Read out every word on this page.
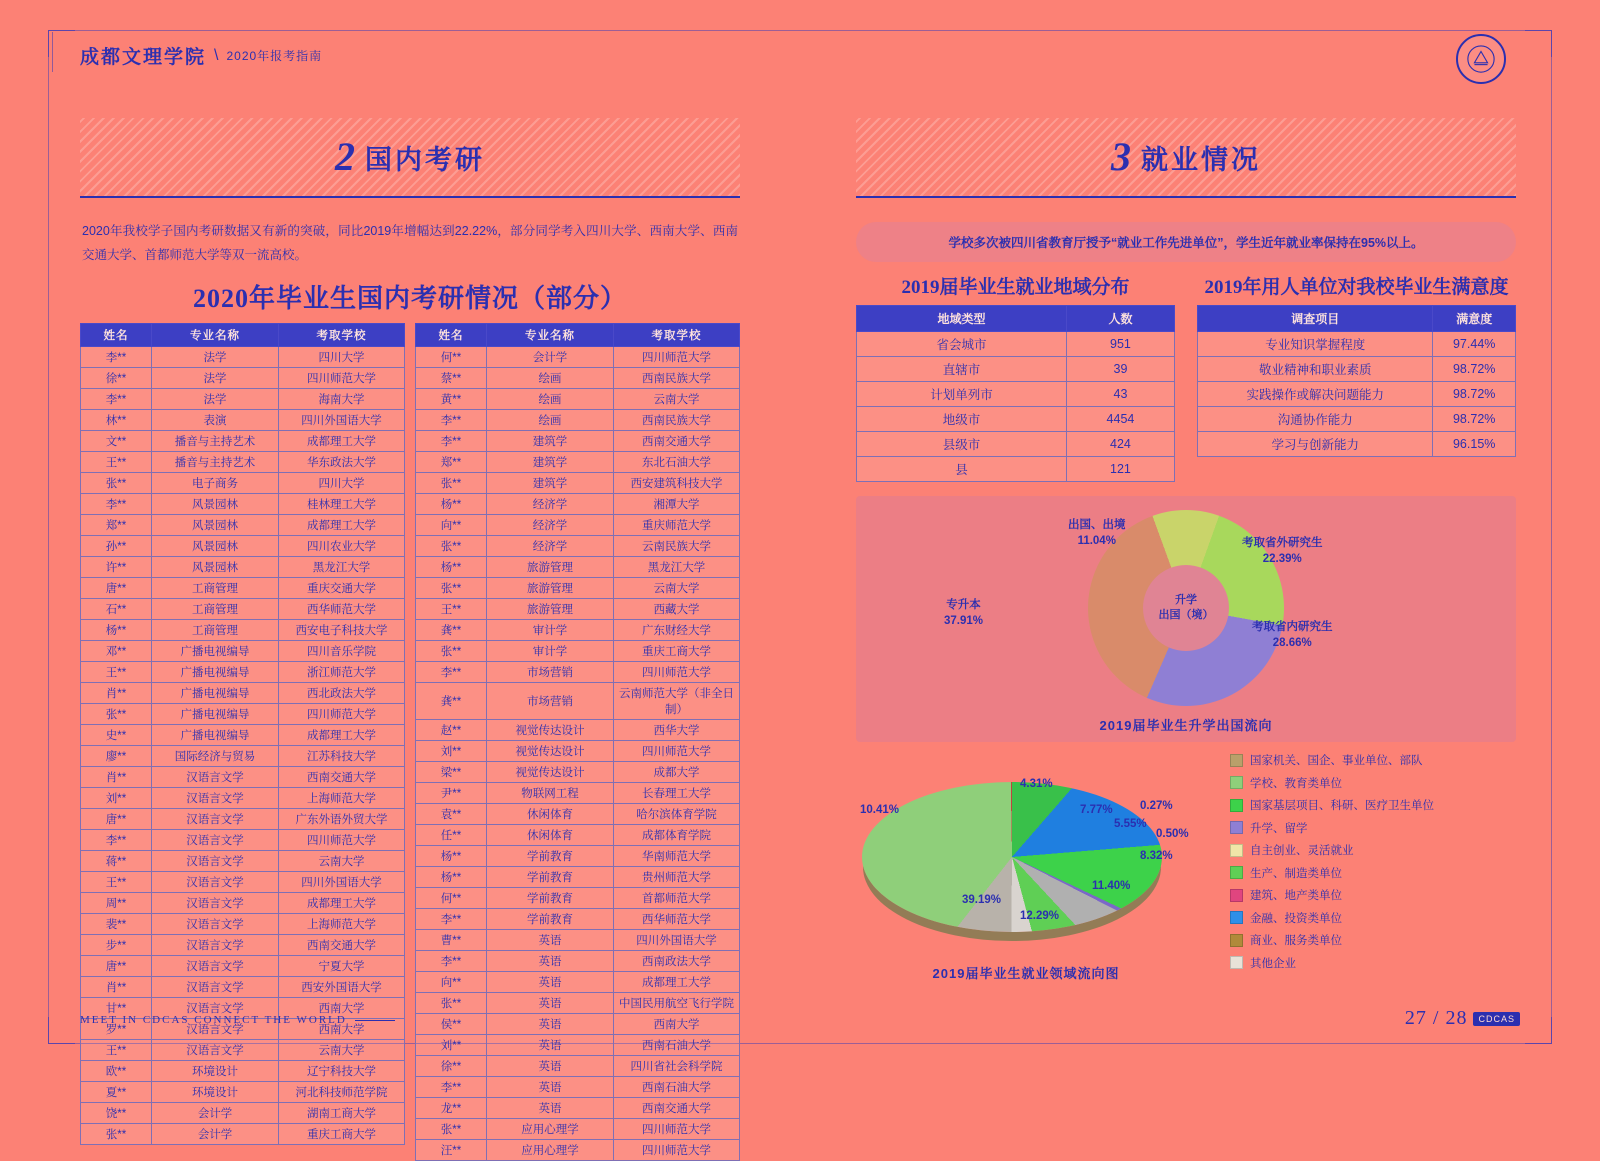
成都文理学院 \ 2020年报考指南
2 国内考研

2020年我校学子国内考研数据又有新的突破，同比2019年增幅达到22.22%，部分同学考入四川大学、西南大学、西南交通大学、首都师范大学等双一流高校。

2020年毕业生国内考研情况（部分）
姓名	专业名称	考取学校
李**	法学	四川大学
徐**	法学	四川师范大学
李**	法学	海南大学
林**	表演	四川外国语大学
文**	播音与主持艺术	成都理工大学
王**	播音与主持艺术	华东政法大学
张**	电子商务	四川大学
李**	风景园林	桂林理工大学
郑**	风景园林	成都理工大学
孙**	风景园林	四川农业大学
许**	风景园林	黑龙江大学
唐**	工商管理	重庆交通大学
石**	工商管理	西华师范大学
杨**	工商管理	西安电子科技大学
邓**	广播电视编导	四川音乐学院
王**	广播电视编导	浙江师范大学
肖**	广播电视编导	西北政法大学
张**	广播电视编导	四川师范大学
史**	广播电视编导	成都理工大学
廖**	国际经济与贸易	江苏科技大学
肖**	汉语言文学	西南交通大学
刘**	汉语言文学	上海师范大学
唐**	汉语言文学	广东外语外贸大学
李**	汉语言文学	四川师范大学
蒋**	汉语言文学	云南大学
王**	汉语言文学	四川外国语大学
周**	汉语言文学	成都理工大学
裴**	汉语言文学	上海师范大学
步**	汉语言文学	西南交通大学
唐**	汉语言文学	宁夏大学
肖**	汉语言文学	西安外国语大学
甘**	汉语言文学	西南大学
罗**	汉语言文学	西南大学
王**	汉语言文学	云南大学
欧**	环境设计	辽宁科技大学
夏**	环境设计	河北科技师范学院
饶**	会计学	湖南工商大学
张**	会计学	重庆工商大学
姓名	专业名称	考取学校
何**	会计学	四川师范大学
蔡**	绘画	西南民族大学
黄**	绘画	云南大学
李**	绘画	西南民族大学
李**	建筑学	西南交通大学
郑**	建筑学	东北石油大学
张**	建筑学	西安建筑科技大学
杨**	经济学	湘潭大学
向**	经济学	重庆师范大学
张**	经济学	云南民族大学
杨**	旅游管理	黑龙江大学
张**	旅游管理	云南大学
王**	旅游管理	西藏大学
龚**	审计学	广东财经大学
张**	审计学	重庆工商大学
李**	市场营销	四川师范大学
龚**	市场营销	云南师范大学（非全日制）
赵**	视觉传达设计	西华大学
刘**	视觉传达设计	四川师范大学
梁**	视觉传达设计	成都大学
尹**	物联网工程	长春理工大学
袁**	休闲体育	哈尔滨体育学院
任**	休闲体育	成都体育学院
杨**	学前教育	华南师范大学
杨**	学前教育	贵州师范大学
何**	学前教育	首都师范大学
李**	学前教育	西华师范大学
曹**	英语	四川外国语大学
李**	英语	西南政法大学
向**	英语	成都理工大学
张**	英语	中国民用航空飞行学院
侯**	英语	西南大学
刘**	英语	西南石油大学
徐**	英语	四川省社会科学院
李**	英语	西南石油大学
龙**	英语	西南交通大学
张**	应用心理学	四川师范大学
汪**	应用心理学	四川师范大学
3 就业情况
学校多次被四川省教育厅授予“就业工作先进单位”，学生近年就业率保持在95%以上。
2019届毕业生就业地域分布	2019年用人单位对我校毕业生满意度
地域类型	人数
省会城市	951
直辖市	39
计划单列市	43
地级市	4454
县级市	424
县	121
调查项目	满意度
专业知识掌握程度	97.44%
敬业精神和职业素质	98.72%
实践操作或解决问题能力	98.72%
沟通协作能力	98.72%
学习与创新能力	96.15%
升学
出国（境）
出国、出境
11.04%	考取省外研究生
22.39%
考取省内研究生
28.66%
专升本
37.91%
2019届毕业生升学出国流向
10.41%
39.19%
8.32%
0.50%
4.31%
7.77% 0.27%
11.40%
12.29%
5.55%
2019届毕业生就业领域流向图
国家机关、国企、事业单位、部队
学校、教育类单位
国家基层项目、科研、医疗卫生单位
升学、留学
自主创业、灵活就业
生产、制造类单位
建筑、地产类单位
金融、投资类单位
商业、服务类单位
其他企业
MEET IN CDCAS CONNECT THE WORLD	27 / 28	CDCAS
